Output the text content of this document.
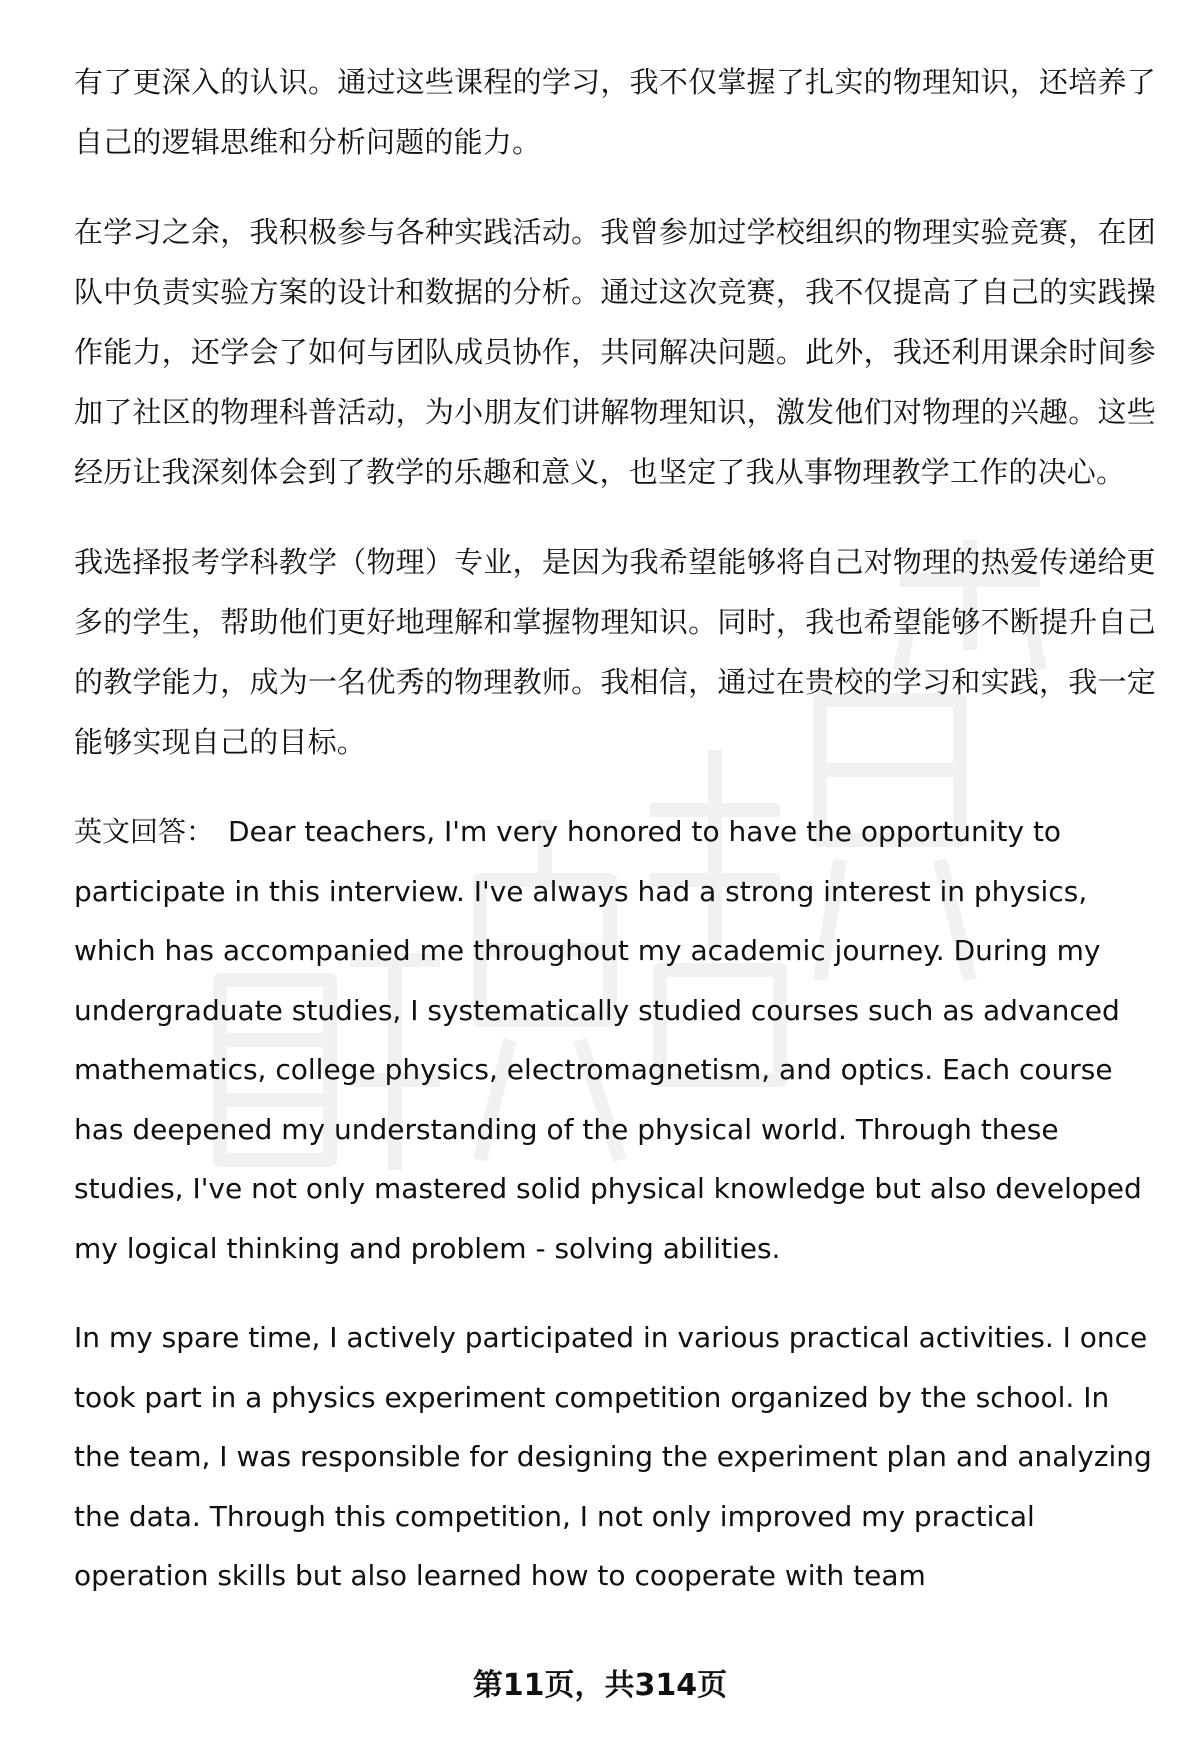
有了更深入的认识。通过这些课程的学习，我不仅掌握了扎实的物理知识，还培养了自己的逻辑思维和分析问题的能力。

在学习之余，我积极参与各种实践活动。我曾参加过学校组织的物理实验竞赛，在团队中负责实验方案的设计和数据的分析。通过这次竞赛，我不仅提高了自己的实践操作能力，还学会了如何与团队成员协作，共同解决问题。此外，我还利用课余时间参加了社区的物理科普活动，为小朋友们讲解物理知识，激发他们对物理的兴趣。这些经历让我深刻体会到了教学的乐趣和意义，也坚定了我从事物理教学工作的决心。

我选择报考学科教学（物理）专业，是因为我希望能够将自己对物理的热爱传递给更多的学生，帮助他们更好地理解和掌握物理知识。同时，我也希望能够不断提升自己的教学能力，成为一名优秀的物理教师。我相信，通过在贵校的学习和实践，我一定能够实现自己的目标。

英文回答： Dear teachers, I'm very honored to have the opportunity to participate in this interview. I've always had a strong interest in physics, which has accompanied me throughout my academic journey. During my undergraduate studies, I systematically studied courses such as advanced mathematics, college physics, electromagnetism, and optics. Each course has deepened my understanding of the physical world. Through these studies, I've not only mastered solid physical knowledge but also developed my logical thinking and problem - solving abilities.

In my spare time, I actively participated in various practical activities. I once took part in a physics experiment competition organized by the school. In the team, I was responsible for designing the experiment plan and analyzing the data. Through this competition, I not only improved my practical operation skills but also learned how to cooperate with team

第11页，共314页
